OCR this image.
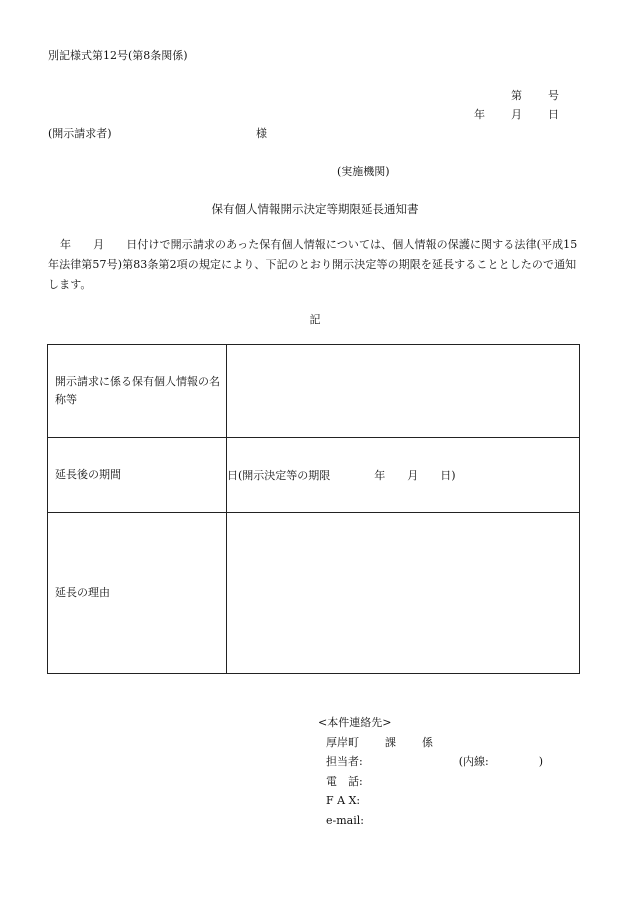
別記様式第12号(第8条関係)
第 号
年 月 日
(開示請求者)	様
(実施機関)
保有個人情報開示決定等期限延長通知書
年 月 日付けで開示請求のあった保有個人情報については、個人情報の保護に関する法律(平成15年法律第57号)第83条第2項の規定により、下記のとおり開示決定等の期限を延長することとしたので通知します。
記
開示請求に係る保有個人情報の名称等	
延長後の期間	日(開示決定等の期限 年 月 日)
延長の理由	
<本件連絡先>
厚岸町 課 係
担当者:	(内線:	)
電　話:
F A X:
e-mail:
